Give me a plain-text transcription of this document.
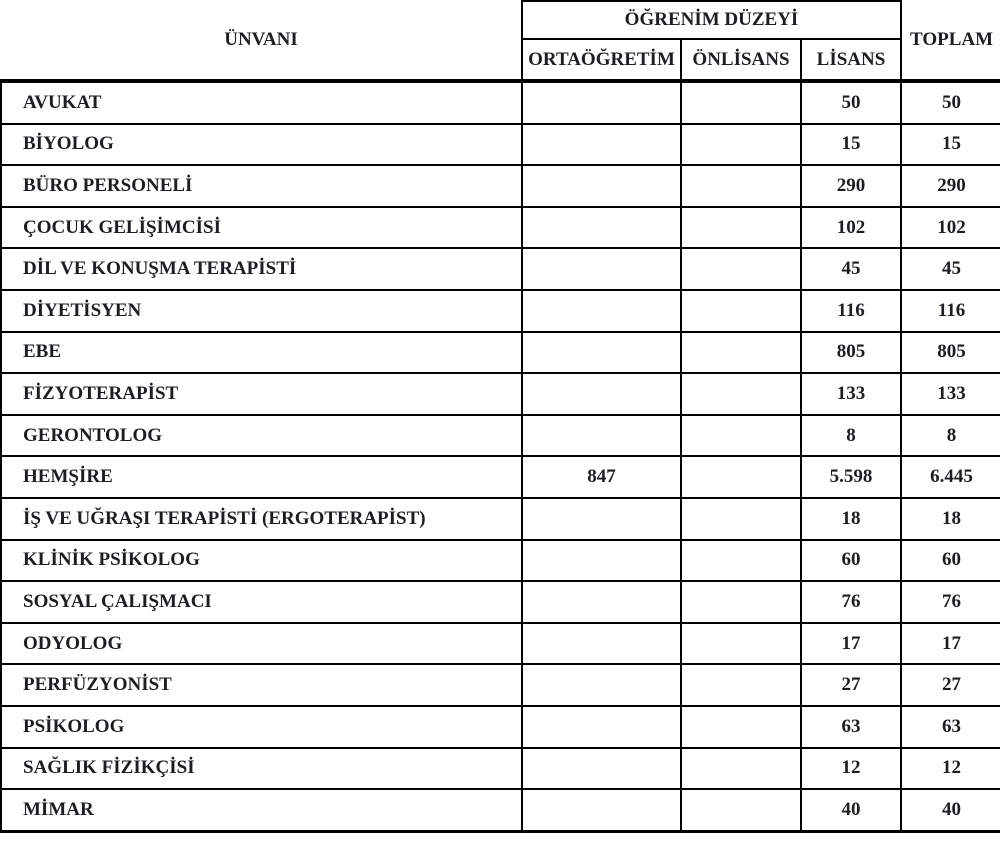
ÜNVANI	ÖĞRENİM DÜZEYİ			TOPLAM
	ORTAÖĞRETİM	ÖNLİSANS	LİSANS	
AVUKAT			50	50
BİYOLOG			15	15
BÜRO PERSONELİ			290	290
ÇOCUK GELİŞİMCİSİ			102	102
DİL VE KONUŞMA TERAPİSTİ			45	45
DİYETİSYEN			116	116
EBE			805	805
FİZYOTERAPİST			133	133
GERONTOLOG			8	8
HEMŞİRE	847		5.598	6.445
İŞ VE UĞRAŞI TERAPİSTİ (ERGOTERAPİST)			18	18
KLİNİK PSİKOLOG			60	60
SOSYAL ÇALIŞMACI			76	76
ODYOLOG			17	17
PERFÜZYONİST			27	27
PSİKOLOG			63	63
SAĞLIK FİZİKÇİSİ			12	12
MİMAR			40	40
